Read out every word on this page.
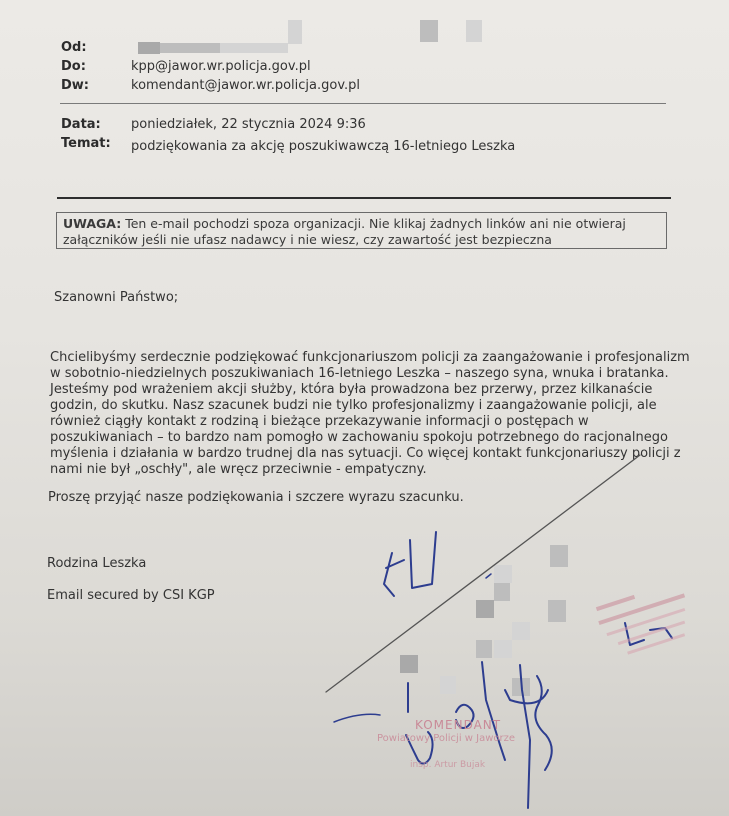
Od:
Do:	kpp@jawor.wr.policja.gov.pl
Dw:	komendant@jawor.wr.policja.gov.pl
Data: poniedziałek, 22 stycznia 2024 9:36
Temat: podziękowania za akcję poszukiwawczą 16-letniego Leszka
UWAGA: Ten e-mail pochodzi spoza organizacji. Nie klikaj żadnych linków ani nie otwieraj
załączników jeśli nie ufasz nadawcy i nie wiesz, czy zawartość jest bezpieczna
Szanowni Państwo;
Chcielibyśmy serdecznie podziękować funkcjonariuszom policji za zaangażowanie i profesjonalizm
w sobotnio-niedzielnych poszukiwaniach 16-letniego Leszka – naszego syna, wnuka i bratanka.
Jesteśmy pod wrażeniem akcji służby, która była prowadzona bez przerwy, przez kilkanaście
godzin, do skutku. Nasz szacunek budzi nie tylko profesjonalizmy i zaangażowanie policji, ale
również ciągły kontakt z rodziną i bieżące przekazywanie informacji o postępach w
poszukiwaniach – to bardzo nam pomogło w zachowaniu spokoju potrzebnego do racjonalnego
myślenia i działania w bardzo trudnej dla nas sytuacji. Co więcej kontakt funkcjonariuszy policji z
nami nie był „oschły", ale wręcz przeciwnie - empatyczny.
Proszę przyjąć nasze podziękowania i szczere wyrazu szacunku.
Rodzina Leszka
Email secured by CSI KGP
KOMENDANT
Powiatowy Policji w Jaworze
insp. Artur Bujak
